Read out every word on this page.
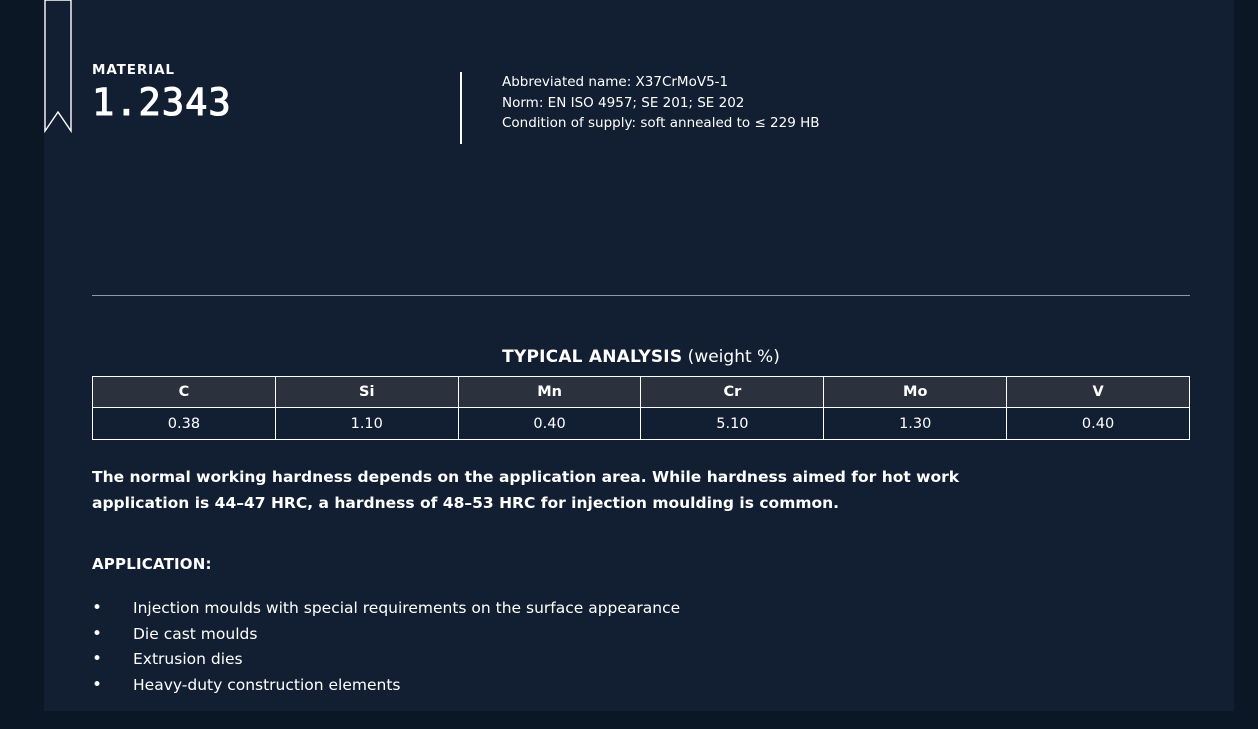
MATERIAL
1.2343	Abbreviated name: X37CrMoV5-1
Norm: EN ISO 4957; SE 201; SE 202
Condition of supply: soft annealed to ≤ 229 HB
TYPICAL ANALYSIS (weight %)
C	Si	Mn	Cr	Mo	V
0.38	1.10	0.40	5.10	1.30	0.40
The normal working hardness depends on the application area. While hardness aimed for hot work application is 44–47 HRC, a hardness of 48–53 HRC for injection moulding is common.
APPLICATION:
• Injection moulds with special requirements on the surface appearance
• Die cast moulds
• Extrusion dies
• Heavy-duty construction elements
